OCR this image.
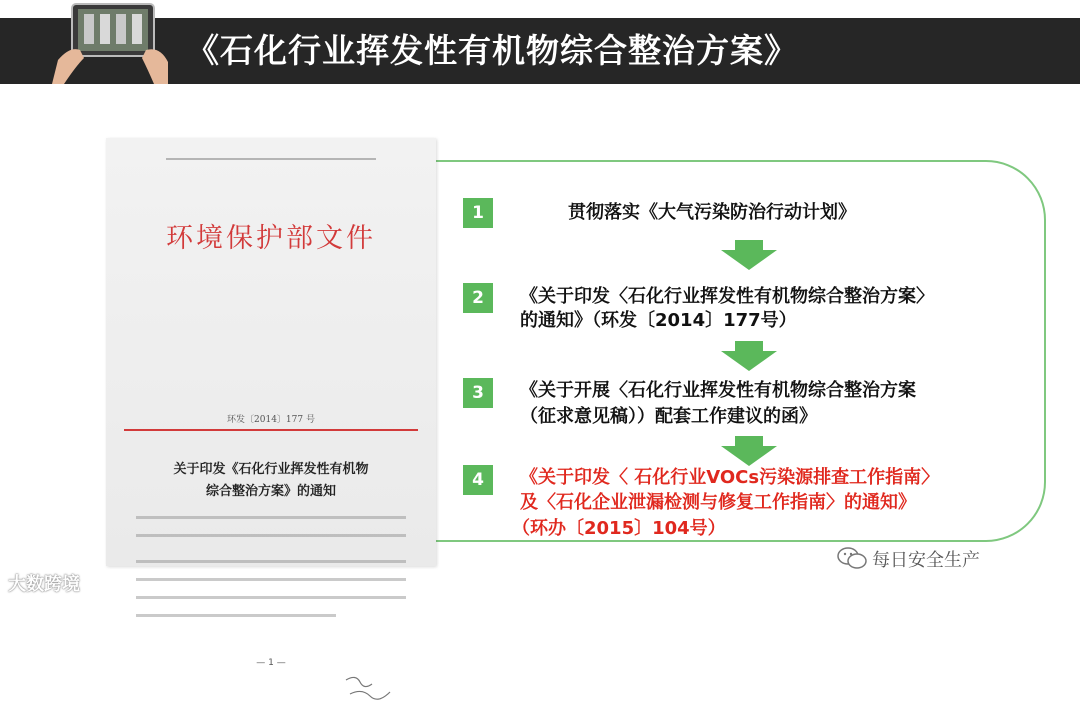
《石化行业挥发性有机物综合整治方案》
环境保护部文件
环发〔2014〕177 号
关于印发《石化行业挥发性有机物
综合整治方案》的通知
— 1 —
1	贯彻落实《大气污染防治行动计划》
2	《关于印发〈石化行业挥发性有机物综合整治方案〉
的通知》（环发〔2014〕177号）
3	《关于开展〈石化行业挥发性有机物综合整治方案
（征求意见稿））配套工作建议的函》
4	《关于印发〈 石化行业VOCs污染源排查工作指南〉
及〈石化企业泄漏检测与修复工作指南〉的通知》
（环办〔2015〕104号）
大数跨境
每日安全生产
